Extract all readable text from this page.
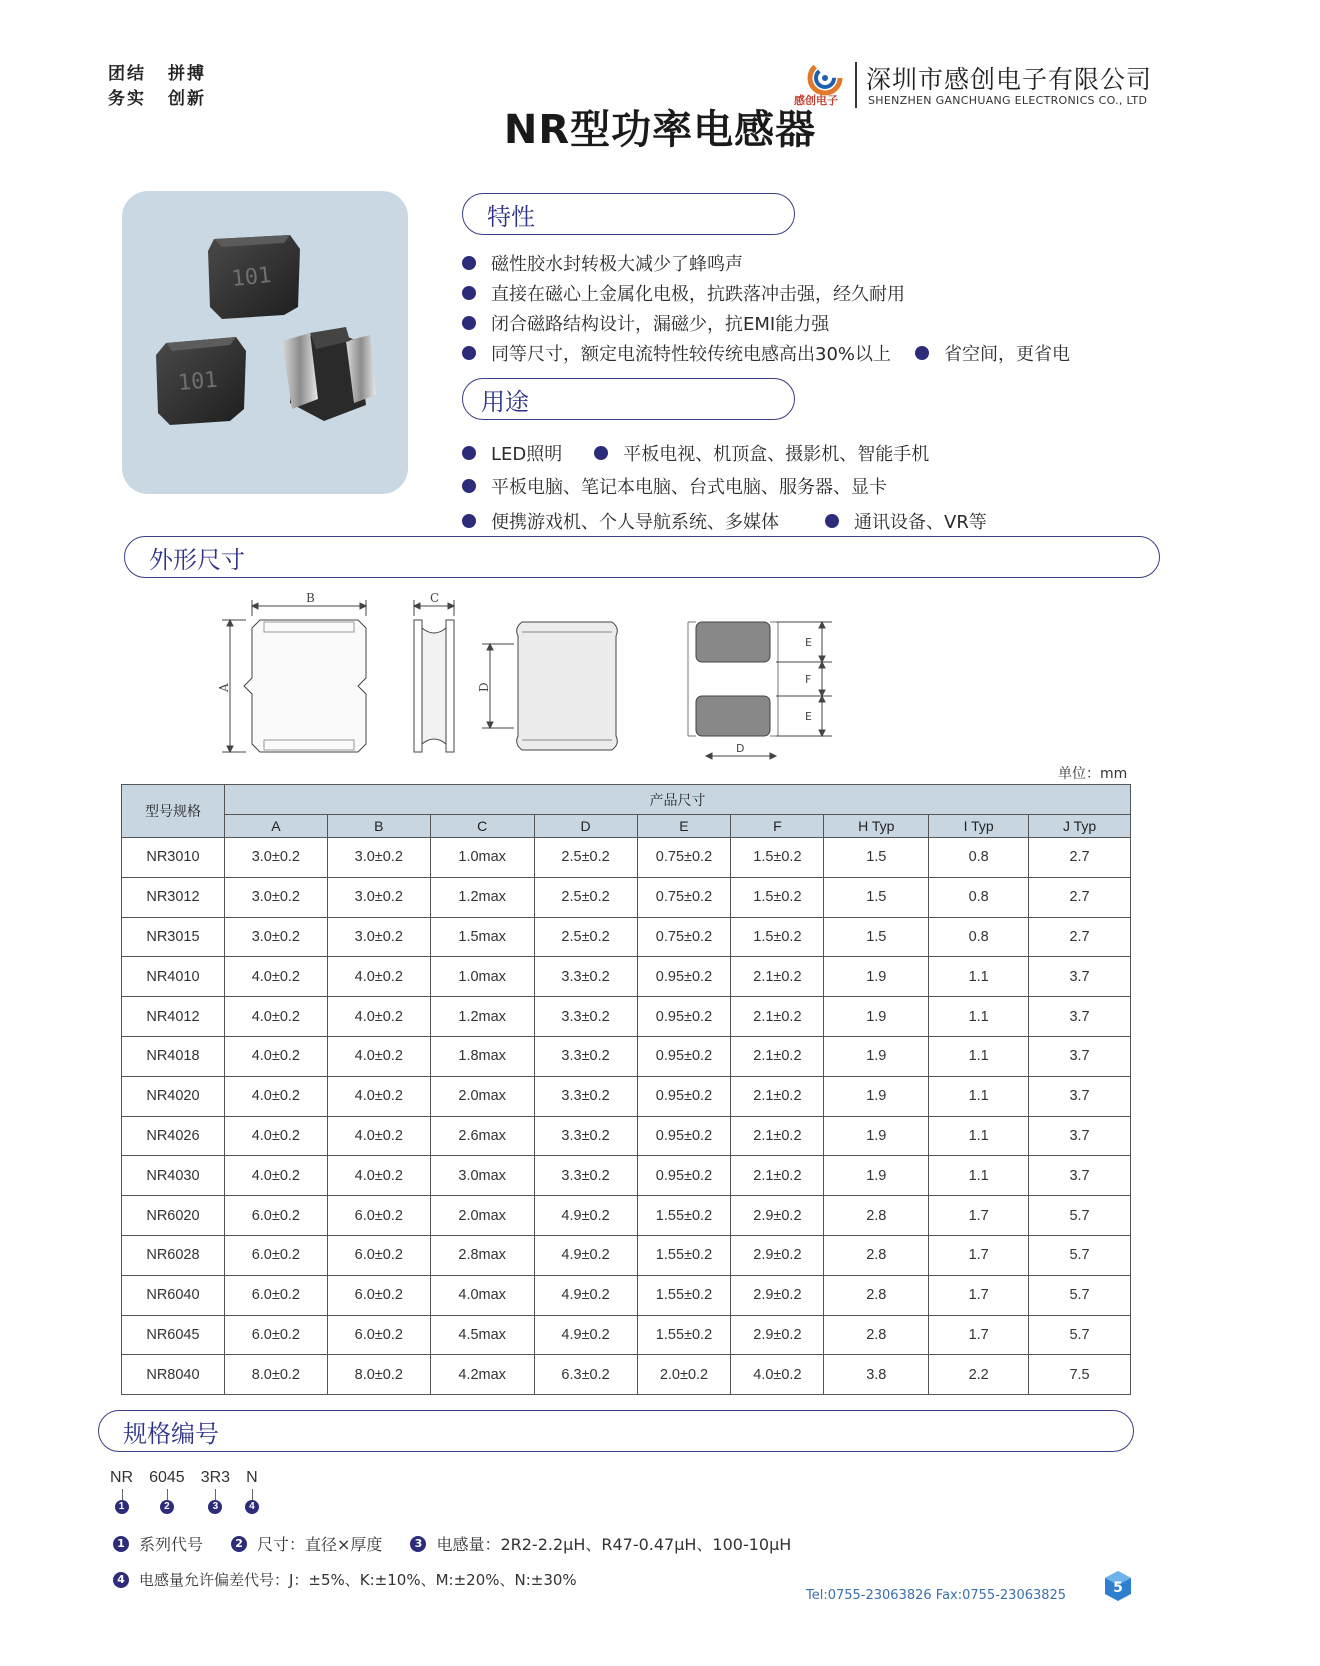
团结 拼搏
务实 创新	感创电子
深圳市感创电子有限公司
SHENZHEN GANCHUANG ELECTRONICS CO., LTD
NR型功率电感器
101
101
特性
磁性胶水封转极大减少了蜂鸣声
直接在磁心上金属化电极，抗跌落冲击强，经久耐用
闭合磁路结构设计，漏磁少，抗EMI能力强
同等尺寸，额定电流特性较传统电感高出30%以上	省空间，更省电
用途
LED照明	平板电视、机顶盒、摄影机、智能手机
平板电脑、笔记本电脑、台式电脑、服务器、显卡
便携游戏机、个人导航系统、多媒体	通讯设备、VR等
外形尺寸
B
A
C
D
E
F
E
D
单位：mm
型号规格	产品尺寸								
	A	B	C	D	E	F	H Typ	I Typ	J Typ
NR3010	3.0±0.2	3.0±0.2	1.0max	2.5±0.2	0.75±0.2	1.5±0.2	1.5	0.8	2.7
NR3012	3.0±0.2	3.0±0.2	1.2max	2.5±0.2	0.75±0.2	1.5±0.2	1.5	0.8	2.7
NR3015	3.0±0.2	3.0±0.2	1.5max	2.5±0.2	0.75±0.2	1.5±0.2	1.5	0.8	2.7
NR4010	4.0±0.2	4.0±0.2	1.0max	3.3±0.2	0.95±0.2	2.1±0.2	1.9	1.1	3.7
NR4012	4.0±0.2	4.0±0.2	1.2max	3.3±0.2	0.95±0.2	2.1±0.2	1.9	1.1	3.7
NR4018	4.0±0.2	4.0±0.2	1.8max	3.3±0.2	0.95±0.2	2.1±0.2	1.9	1.1	3.7
NR4020	4.0±0.2	4.0±0.2	2.0max	3.3±0.2	0.95±0.2	2.1±0.2	1.9	1.1	3.7
NR4026	4.0±0.2	4.0±0.2	2.6max	3.3±0.2	0.95±0.2	2.1±0.2	1.9	1.1	3.7
NR4030	4.0±0.2	4.0±0.2	3.0max	3.3±0.2	0.95±0.2	2.1±0.2	1.9	1.1	3.7
NR6020	6.0±0.2	6.0±0.2	2.0max	4.9±0.2	1.55±0.2	2.9±0.2	2.8	1.7	5.7
NR6028	6.0±0.2	6.0±0.2	2.8max	4.9±0.2	1.55±0.2	2.9±0.2	2.8	1.7	5.7
NR6040	6.0±0.2	6.0±0.2	4.0max	4.9±0.2	1.55±0.2	2.9±0.2	2.8	1.7	5.7
NR6045	6.0±0.2	6.0±0.2	4.5max	4.9±0.2	1.55±0.2	2.9±0.2	2.8	1.7	5.7
NR8040	8.0±0.2	8.0±0.2	4.2max	6.3±0.2	2.0±0.2	4.0±0.2	3.8	2.2	7.5
规格编号
NR
1
6045
2
3R3
3
N
4
1 系列代号	2 尺寸：直径×厚度	3 电感量：2R2-2.2μH、R47-0.47μH、100-10μH
4 电感量允许偏差代号：J：±5%、K:±10%、M:±20%、N:±30%
Tel:0755-23063826 Fax:0755-23063825	5
